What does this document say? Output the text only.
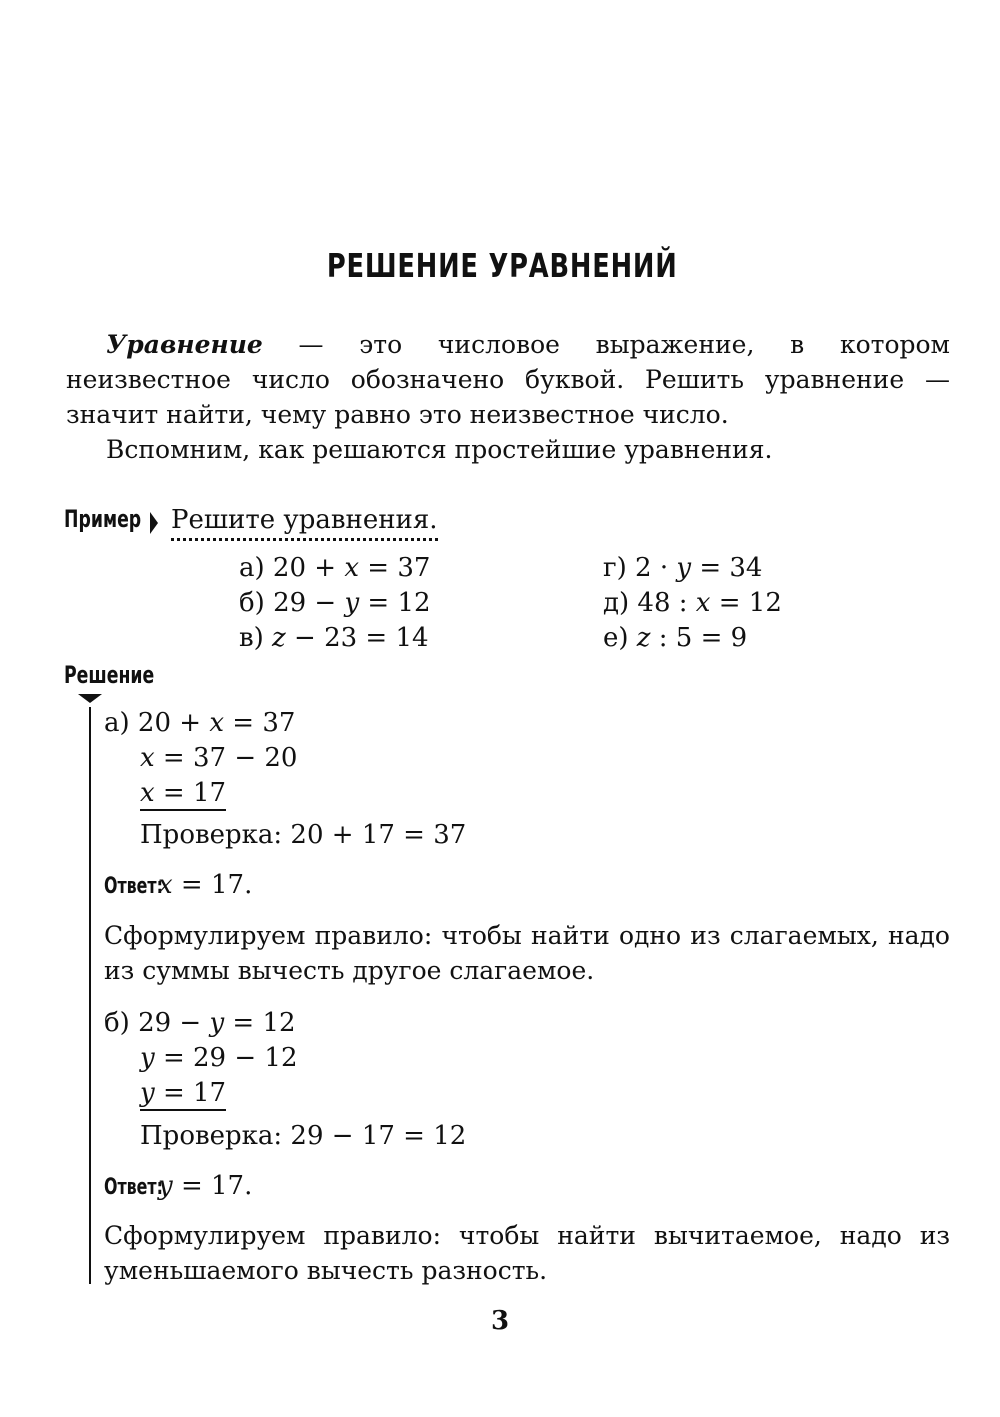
РЕШЕНИЕ УРАВНЕНИЙ

Уравнение — это числовое выражение, в котором неизвестное число обозначено буквой. Решить уравнение — значит найти, чему равно это неизвестное число.

Вспомним, как решаются простейшие уравнения.

Пример Решите уравнения.
а) 20 + x = 37
б) 29 − y = 12
в) z − 23 = 14
г) 2 · y = 34
д) 48 : x = 12
е) z : 5 = 9
Решение
а) 20 + x = 37
x = 37 − 20
x = 17
Проверка: 20 + 17 = 37
Ответ:x = 17.

Сформулируем правило: чтобы найти одно из слагаемых, надо из суммы вычесть другое слагаемое.

б) 29 − y = 12
y = 29 − 12
y = 17
Проверка: 29 − 17 = 12
Ответ:y = 17.

Сформулируем правило: чтобы найти вычитаемое, надо из уменьшаемого вычесть разность.

3
